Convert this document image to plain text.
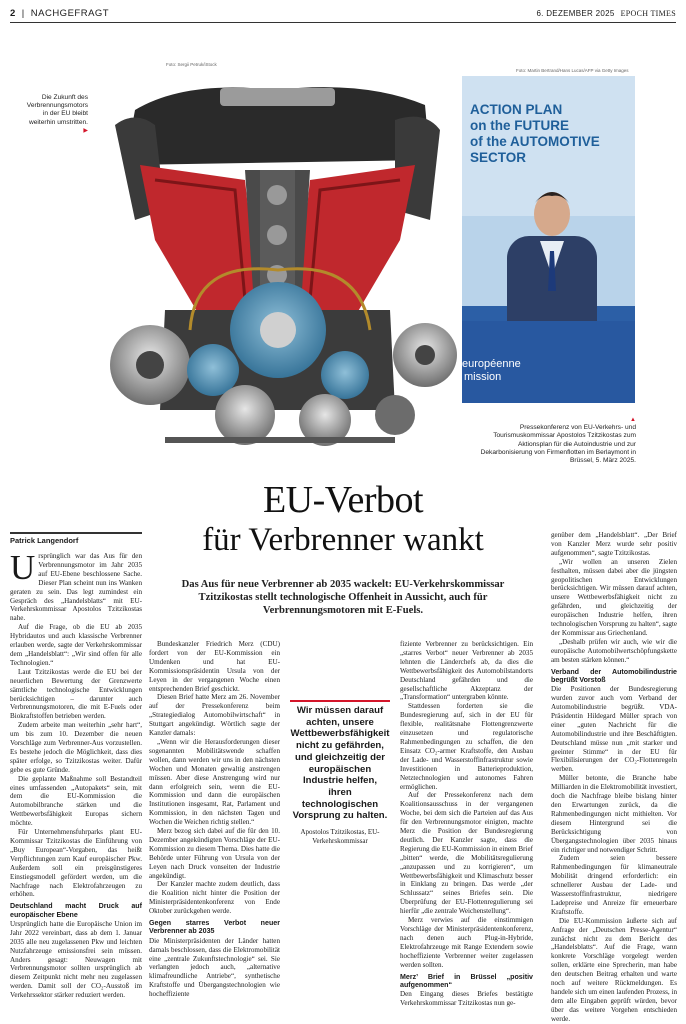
2 | NACHGEFRAGT	6. DEZEMBER 2025 EPOCH TIMES
Foto: Sergii Petruk/iStock
Foto: Martin Bertrand/Hans Lucas/AFP via Getty Images
ACTION PLAN
on the FUTURE
of the AUTOMOTIVE
SECTOR
européenne
mission
Die Zukunft des Verbrennungsmotors in der EU bleibt weiterhin umstritten.
▶
▲
Pressekonferenz von EU-Verkehrs- und Tourismuskommissar Apostolos Tzitzikostas zum Aktionsplan für die Autoindustrie und zur Dekarbonisierung von Firmenflotten im Berlaymont in Brüssel, 5. März 2025.
EU-Verbot
für Verbrenner wankt
Das Aus für neue Verbrenner ab 2035 wackelt: EU-Verkehrskommissar Tzitzikostas stellt technologische Offenheit in Aussicht, auch für Verbrennungsmotoren mit E-Fuels.
Patrick Langendorf

Ursprünglich war das Aus für den Verbrennungsmotor im Jahr 2035 auf EU-Ebene beschlossene Sache. Dieser Plan scheint nun ins Wanken geraten zu sein. Das legt zumindest ein Gespräch des „Handelsblatts“ mit EU-Verkehrskommissar Apostolos Tzitzikostas nahe.

Auf die Frage, ob die EU ab 2035 Hybridautos und auch klassische Verbrenner erlauben werde, sagte der Verkehrskommissar dem „Handelsblatt“: „Wir sind offen für alle Technologien.“

Laut Tzitzikostas werde die EU bei der neuerlichen Bewertung der Grenzwerte sämtliche technologische Entwicklungen berücksichtigen – darunter auch Verbrennungsmotoren, die mit E-Fuels oder Biokraftstoffen betrieben werden.

Zudem arbeite man weiterhin „sehr hart“, um bis zum 10. Dezember die neuen Vorschläge zum Verbrenner-Aus vorzustellen. Es bestehe jedoch die Möglichkeit, dass dies später erfolge, so Tzitzikostas weiter. Dafür gebe es gute Gründe.

Die geplante Maßnahme soll Bestandteil eines umfassenden „Autopakets“ sein, mit dem die EU-Kommission die Automobilbranche stärken und die Wettbewerbsfähigkeit Europas sichern möchte.

Für Unternehmensfuhrparks plant EU-Kommissar Tzitzikostas die Einführung von „Buy European“-Vorgaben, das heißt Verpflichtungen zum Kauf europäischer Pkw. Außerdem soll ein preisgünstigeres Einstiegsmodell gefördert werden, um die Nachfrage nach Elektrofahrzeugen zu erhöhen.

Deutschland macht Druck auf europäischer Ebene

Ursprünglich hatte die Europäische Union im Jahr 2022 vereinbart, dass ab dem 1. Januar 2035 alle neu zugelassenen Pkw und leichten Nutzfahrzeuge emissionsfrei sein müssen. Anders gesagt: Neuwagen mit Verbrennungsmotor sollten ursprünglich ab diesem Zeitpunkt nicht mehr neu zugelassen werden. Damit soll der CO₂-Ausstoß im Verkehrssektor stärker reduziert werden.

Bundeskanzler Friedrich Merz (CDU) fordert von der EU-Kommission ein Umdenken und hat EU-Kommissionspräsidentin Ursula von der Leyen in der vergangenen Woche einen entsprechenden Brief geschickt.

Diesen Brief hatte Merz am 26. November auf der Pressekonferenz beim „Strategiedialog Automobilwirtschaft“ in Stuttgart angekündigt. Wörtlich sagte der Kanzler damals:

„Wenn wir die Herausforderungen dieser sogenannten Mobilitätswende schaffen wollen, dann werden wir uns in den nächsten Wochen und Monaten gewaltig anstrengen müssen. Aber diese Anstrengung wird nur dann erfolgreich sein, wenn die EU-Kommission und dann die europäischen Institutionen insgesamt, Rat, Parlament und Kommission, in den nächsten Tagen und Wochen die Weichen richtig stellen.“

Merz bezog sich dabei auf die für den 10. Dezember angekündigten Vorschläge der EU-Kommission zu diesem Thema. Dies hatte die Behörde unter Führung von Ursula von der Leyen nach Druck vonseiten der Industrie angekündigt.

Der Kanzler machte zudem deutlich, dass die Koalition nicht hinter die Position der Ministerpräsidentenkonferenz von Ende Oktober zurückgehen werde.

Gegen starres Verbot neuer Verbrenner ab 2035

Die Ministerpräsidenten der Länder hatten damals beschlossen, dass die Elektromobilität eine „zentrale Zukunftstechnologie“ sei. Sie verlangten jedoch auch, „alternative klimafreundliche Antriebe“, synthetische Kraftstoffe und Übergangstechnologien wie hocheffiziente

Wir müssen darauf achten, unsere Wettbewerbsfähigkeit nicht zu gefährden, und gleichzeitig der europäischen Industrie helfen, ihren technologischen Vorsprung zu halten.
Apostolos Tzitzikostas, EU-Verkehrskommissar

fiziente Verbrenner zu berücksichtigen. Ein „starres Verbot“ neuer Verbrenner ab 2035 lehnten die Länderchefs ab, da dies die Wettbewerbsfähigkeit des Automobilstandorts Deutschland gefährden und die gesellschaftliche Akzeptanz der „Transformation“ untergraben könnte.

Stattdessen forderten sie die Bundesregierung auf, sich in der EU für flexible, realitätsnahe Flottengrenzwerte einzusetzen und regulatorische Rahmenbedingungen zu schaffen, die den Einsatz CO₂-armer Kraftstoffe, den Ausbau der Lade- und Wasserstoffinfrastruktur sowie Investitionen in Batterieproduktion, Netztechnologien und autonomes Fahren ermöglichen.

Auf der Pressekonferenz nach dem Koalitionsausschuss in der vergangenen Woche, bei dem sich die Parteien auf das Aus für den Verbrennungsmotor einigten, machte Merz die Position der Bundesregierung deutlich. Der Kanzler sagte, dass die Regierung die EU-Kommission in einem Brief „bitten“ werde, die Mobilitätsregulierung „anzupassen und zu korrigieren“, um Wettbewerbsfähigkeit und Klimaschutz besser in Einklang zu bringen. Das werde „der Schlussatz“ seines Briefes sein. Die Überprüfung der EU-Flottenregulierung sei hierfür „die zentrale Weichenstellung“.

Merz verwies auf die einstimmigen Vorschläge der Ministerpräsidentenkonferenz, nach denen auch Plug-in-Hybride, Elektrofahrzeuge mit Range Extendern sowie hocheffiziente Verbrenner weiter zugelassen werden sollten.

Merz’ Brief in Brüssel „positiv aufgenommen“

Den Eingang dieses Briefes bestätigte Verkehrskommissar Tzitzikostas nun ge-

genüber dem „Handelsblatt“. „Der Brief von Kanzler Merz wurde sehr positiv aufgenommen“, sagte Tzitzikostas.

„Wir wollen an unseren Zielen festhalten, müssen dabei aber die jüngsten geopolitischen Entwicklungen berücksichtigen. Wir müssen darauf achten, unsere Wettbewerbsfähigkeit nicht zu gefährden, und gleichzeitig der europäischen Industrie helfen, ihren technologischen Vorsprung zu halten“, sagte der Kommissar aus Griechenland.

„Deshalb prüfen wir auch, wie wir die europäische Automobilwertschöpfungskette am besten stärken können.“

Verband der Automobilindustrie begrüßt Vorstoß

Die Positionen der Bundesregierung wurden zuvor auch vom Verband der Automobilindustrie begrüßt. VDA-Präsidentin Hildegard Müller sprach von einer „guten Nachricht für die Automobilindustrie und ihre Beschäftigten. Deutschland müsse nun „mit starker und geeinter Stimme“ in der EU für Flexibilisierungen der CO₂-Flottenregeln werben.

Müller betonte, die Branche habe Milliarden in die Elektromobilität investiert, doch die Nachfrage bleibe bislang hinter den Erwartungen zurück, da die Rahmenbedingungen nicht mithielten. Vor diesem Hintergrund sei die Berücksichtigung von Übergangstechnologien über 2035 hinaus ein richtiger und notwendiger Schritt.

Zudem seien bessere Rahmenbedingungen für klimaneutrale Mobilität dringend erforderlich: ein schnellerer Ausbau der Lade- und Wasserstoffinfrastruktur, niedrigere Ladepreise und Anreize für erneuerbare Kraftstoffe.

Die EU-Kommission äußerte sich auf Anfrage der „Deutschen Presse-Agentur“ zunächst nicht zu dem Bericht des „Handelsblatts“. Auf die Frage, wann konkrete Vorschläge vorgelegt werden sollen, erklärte eine Sprecherin, man habe den deutschen Beitrag erhalten und warte noch auf weitere Rückmeldungen. Es handele sich um einen laufenden Prozess, in dem alle Eingaben geprüft würden, bevor über das weitere Vorgehen entschieden werde.
